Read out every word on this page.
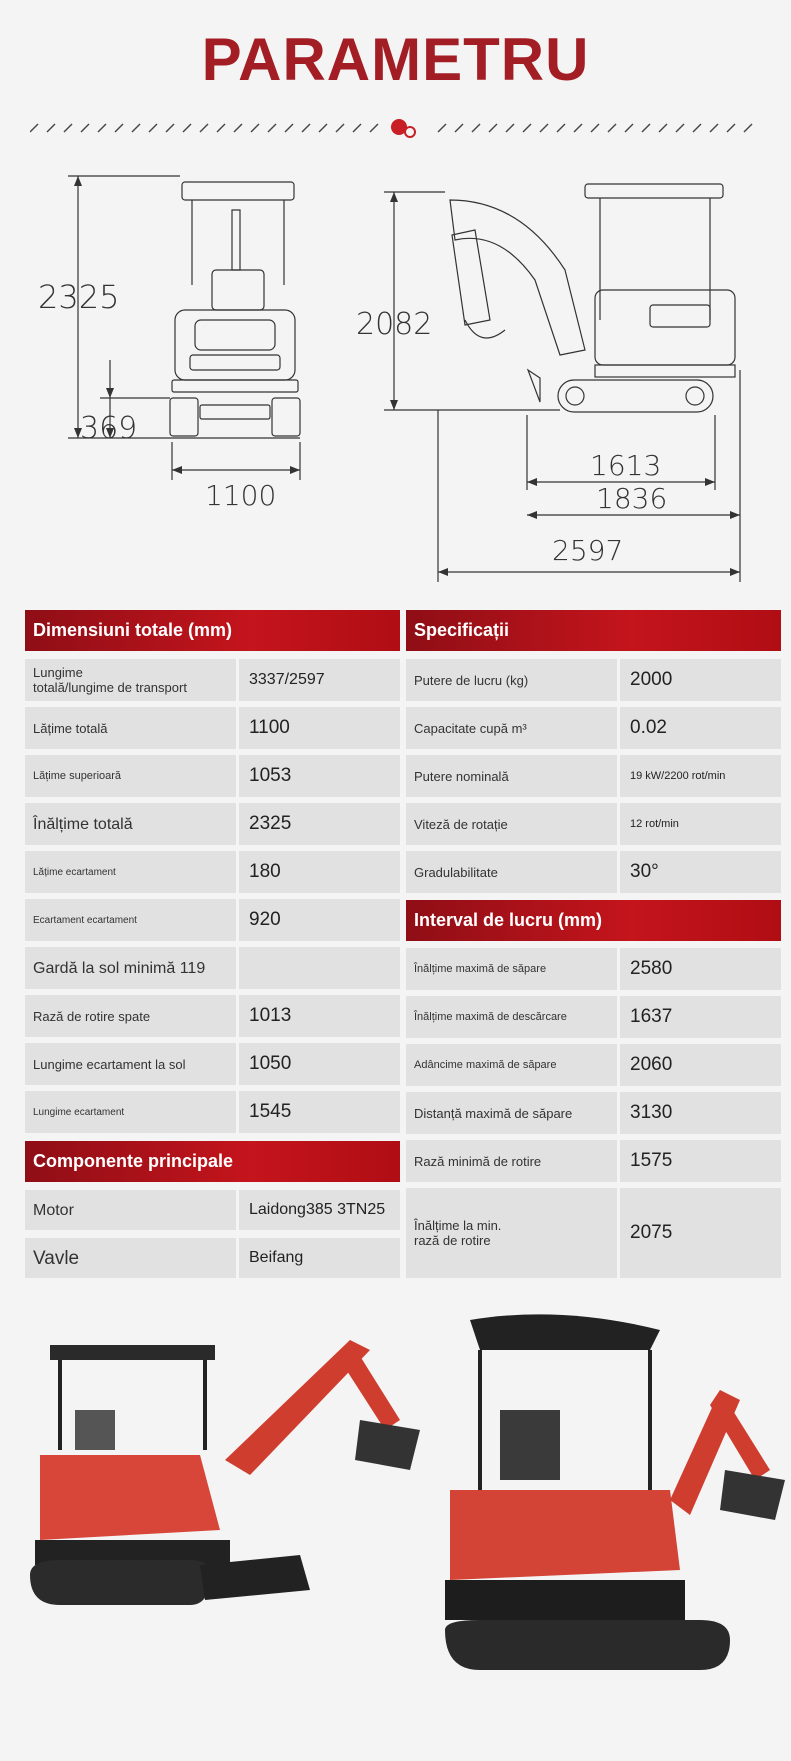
PARAMETRU
2325
369
1100
2082
1613
1836
2597
Dimensiuni totale (mm)
Lungime
totală/lungime de transport	3337/2597
Lățime totală	1100
Lățime superioară	1053
Înălțime totală	2325
Lățime ecartament	180
Ecartament ecartament	920
Gardă la sol minimă 119
Rază de rotire spate	1013
Lungime ecartament la sol	1050
Lungime ecartament	1545
Componente principale
Motor	Laidong385 3TN25
Vavle	Beifang
Specificații
Putere de lucru (kg)	2000
Capacitate cupă m³	0.02
Putere nominală	19 kW/2200 rot/min
Viteză de rotație	12 rot/min
Gradulabilitate	30°
Interval de lucru (mm)
Înălțime maximă de săpare	2580
Înălțime maximă de descărcare	1637
Adâncime maximă de săpare	2060
Distanță maximă de săpare	3130
Rază minimă de rotire	1575
Înălțime la min.
rază de rotire	2075
